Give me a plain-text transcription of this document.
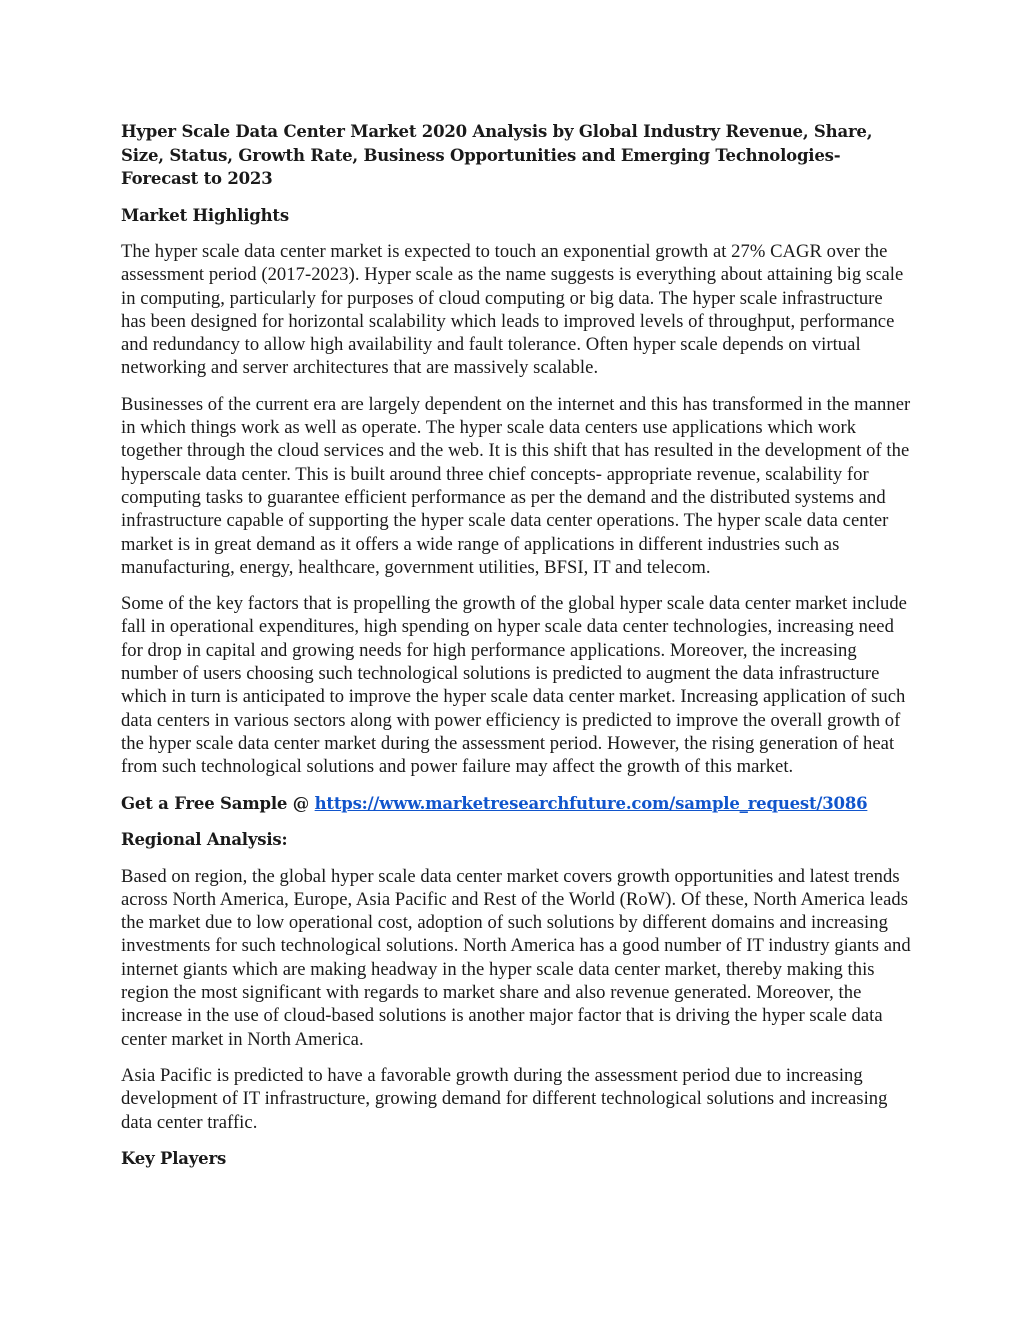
Hyper Scale Data Center Market 2020 Analysis by Global Industry Revenue, Share, Size, Status, Growth Rate, Business Opportunities and Emerging Technologies- Forecast to 2023
Market Highlights

The hyper scale data center market is expected to touch an exponential growth at 27% CAGR over the assessment period (2017-2023). Hyper scale as the name suggests is everything about attaining big scale in computing, particularly for purposes of cloud computing or big data. The hyper scale infrastructure has been designed for horizontal scalability which leads to improved levels of throughput, performance and redundancy to allow high availability and fault tolerance. Often hyper scale depends on virtual networking and server architectures that are massively scalable.

Businesses of the current era are largely dependent on the internet and this has transformed in the manner in which things work as well as operate. The hyper scale data centers use applications which work together through the cloud services and the web. It is this shift that has resulted in the development of the hyperscale data center. This is built around three chief concepts- appropriate revenue, scalability for computing tasks to guarantee efficient performance as per the demand and the distributed systems and infrastructure capable of supporting the hyper scale data center operations. The hyper scale data center market is in great demand as it offers a wide range of applications in different industries such as manufacturing, energy, healthcare, government utilities, BFSI, IT and telecom.

Some of the key factors that is propelling the growth of the global hyper scale data center market include fall in operational expenditures, high spending on hyper scale data center technologies, increasing need for drop in capital and growing needs for high performance applications. Moreover, the increasing number of users choosing such technological solutions is predicted to augment the data infrastructure which in turn is anticipated to improve the hyper scale data center market. Increasing application of such data centers in various sectors along with power efficiency is predicted to improve the overall growth of the hyper scale data center market during the assessment period. However, the rising generation of heat from such technological solutions and power failure may affect the growth of this market.

Get a Free Sample @ https://www.marketresearchfuture.com/sample_request/3086

Regional Analysis:

Based on region, the global hyper scale data center market covers growth opportunities and latest trends across North America, Europe, Asia Pacific and Rest of the World (RoW). Of these, North America leads the market due to low operational cost, adoption of such solutions by different domains and increasing investments for such technological solutions. North America has a good number of IT industry giants and internet giants which are making headway in the hyper scale data center market, thereby making this region the most significant with regards to market share and also revenue generated. Moreover, the increase in the use of cloud-based solutions is another major factor that is driving the hyper scale data center market in North America.

Asia Pacific is predicted to have a favorable growth during the assessment period due to increasing development of IT infrastructure, growing demand for different technological solutions and increasing data center traffic.

Key Players
